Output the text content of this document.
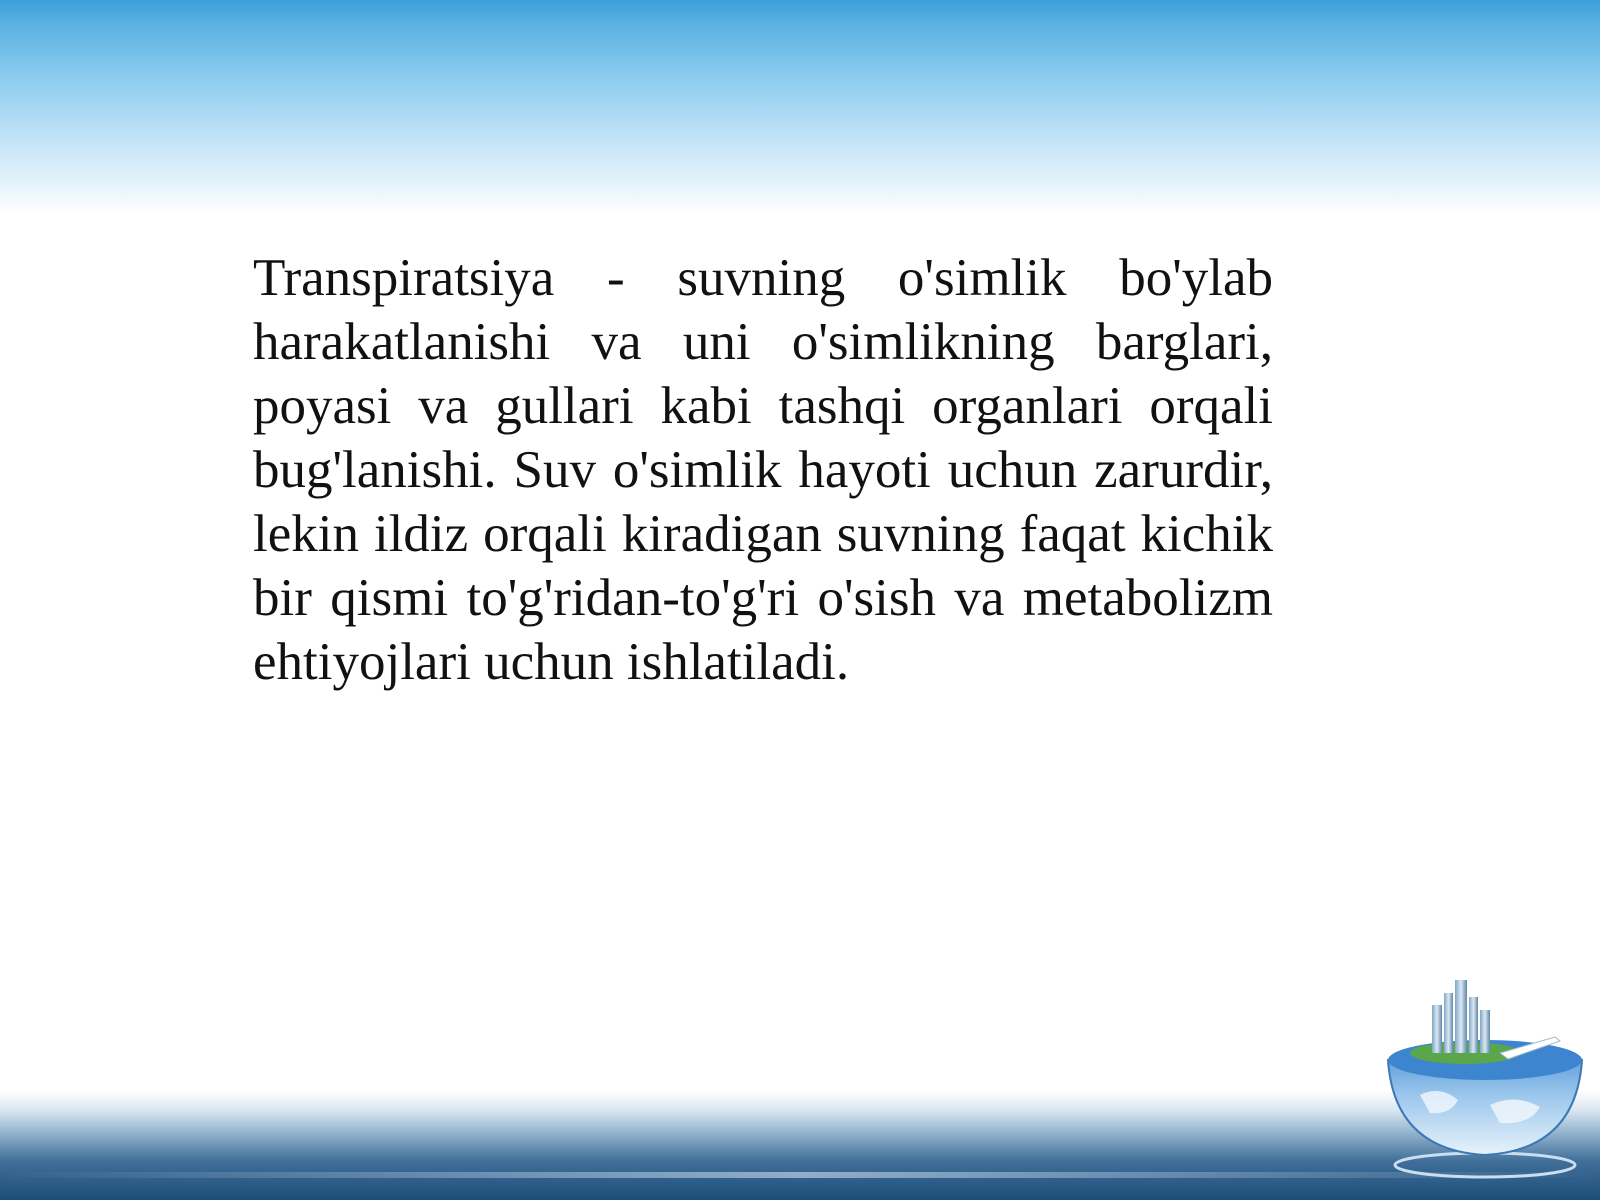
Transpiratsiya - suvning o'simlik bo'ylab harakatlanishi va uni o'simlikning barglari, poyasi va gullari kabi tashqi organlari orqali bug'lanishi. Suv o'simlik hayoti uchun zarurdir, lekin ildiz orqali kiradigan suvning faqat kichik bir qismi to'g'ridan-to'g'ri o'sish va metabolizm ehtiyojlari uchun ishlatiladi.
